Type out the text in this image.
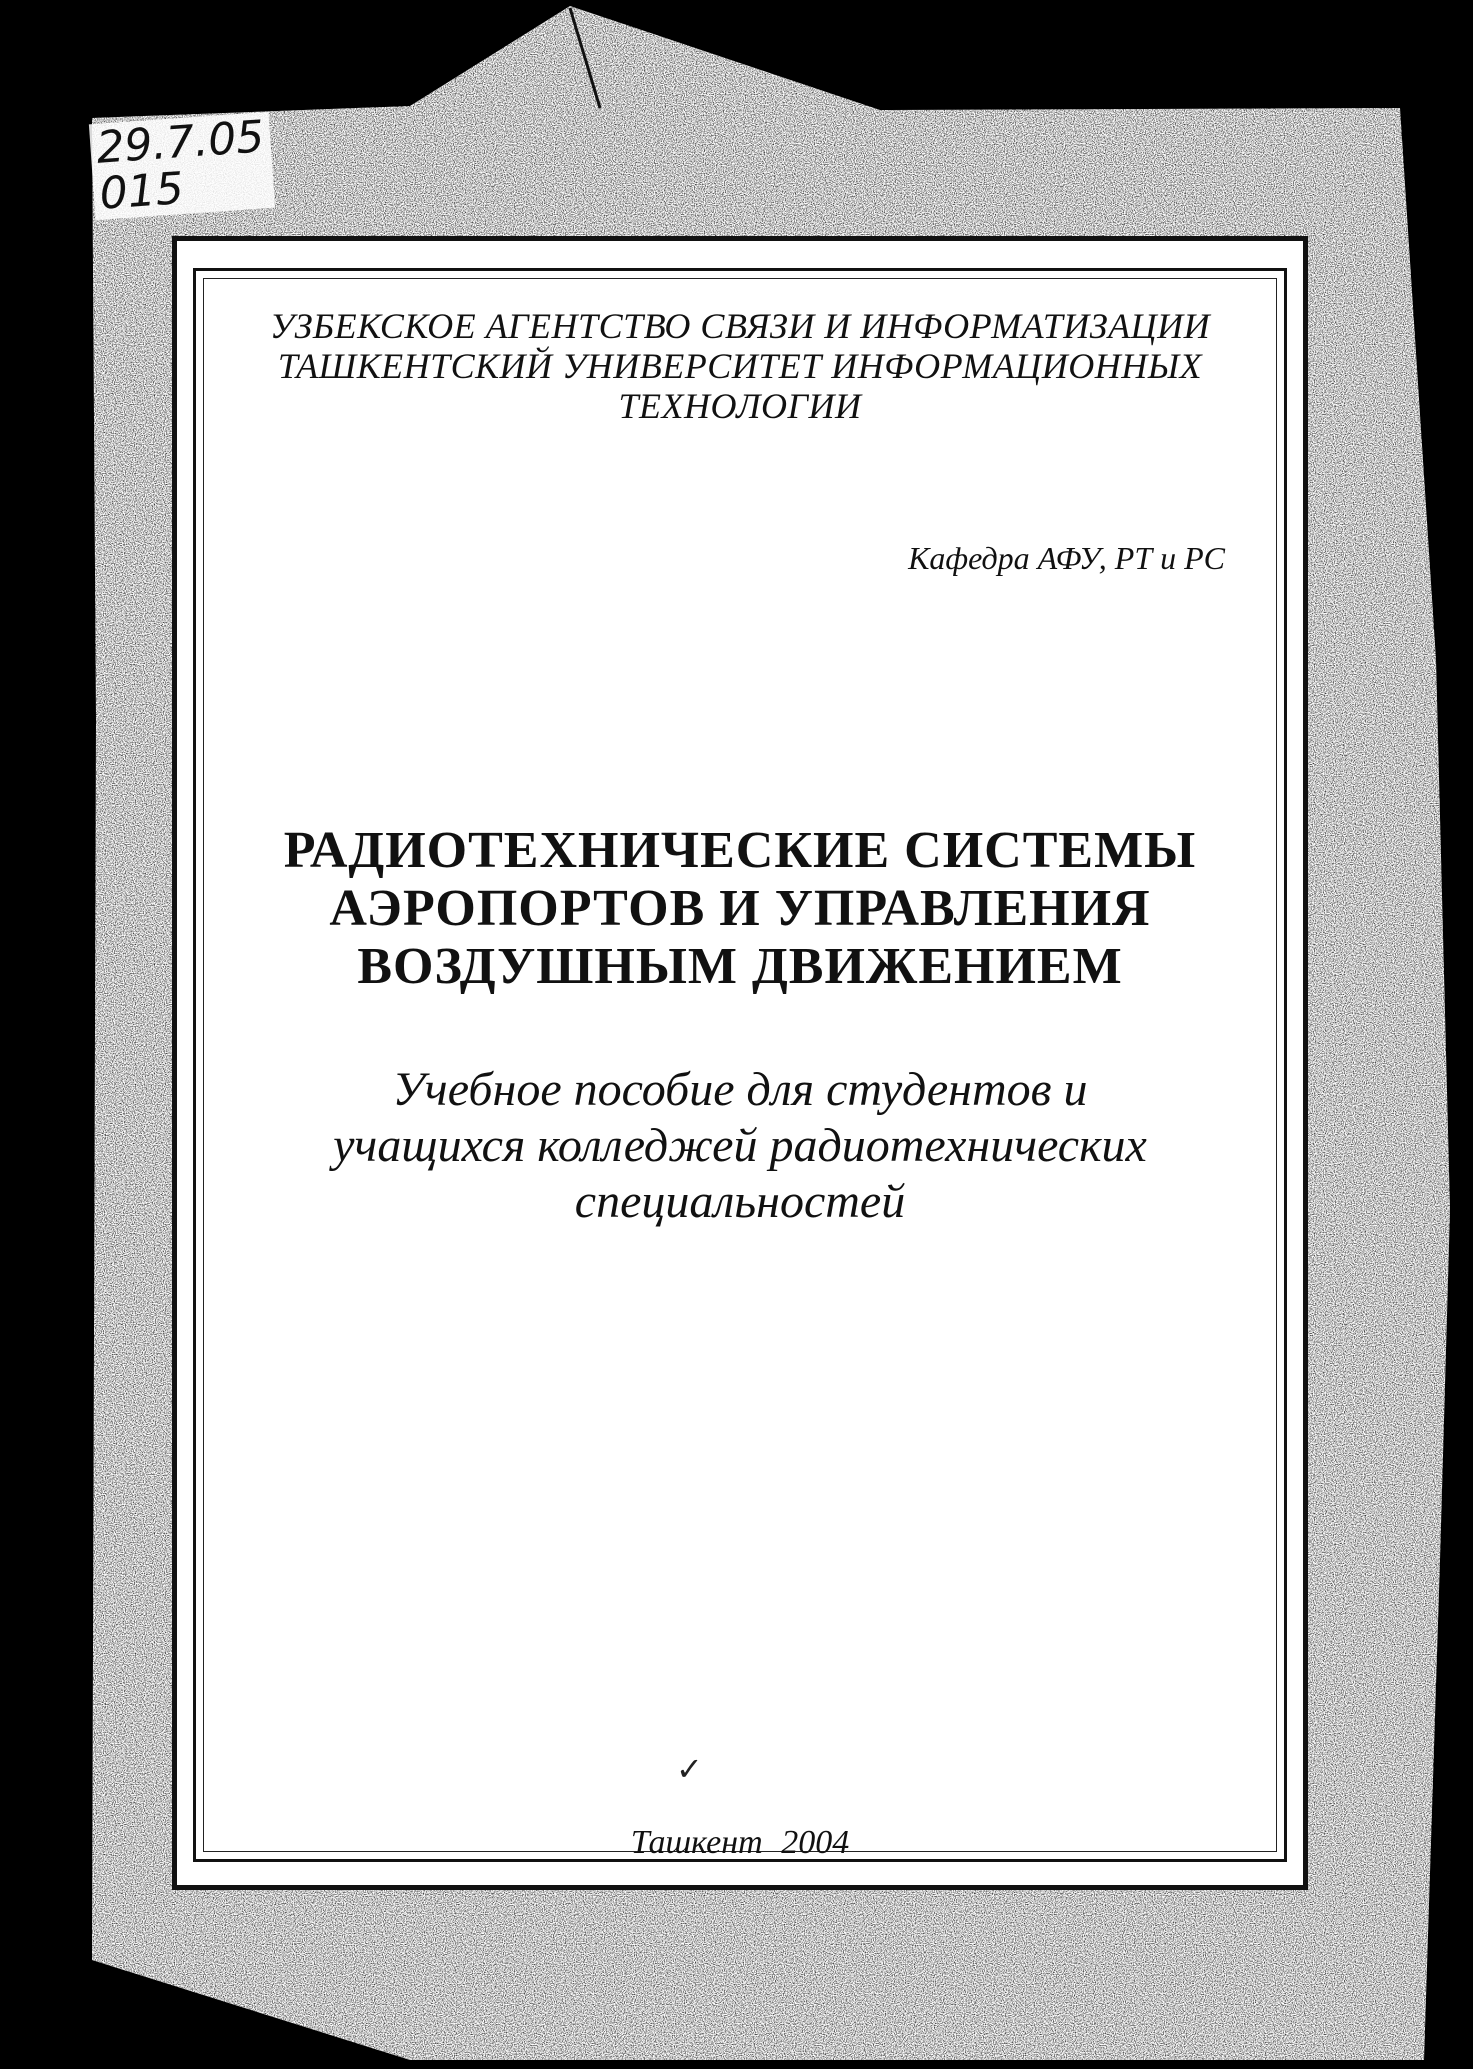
29.7.05
015
УЗБЕКСКОЕ АГЕНТСТВО СВЯЗИ И ИНФОРМАТИЗАЦИИ
ТАШКЕНТСКИЙ УНИВЕРСИТЕТ ИНФОРМАЦИОННЫХ
ТЕХНОЛОГИИ
Кафедра АФУ, РТ и РС
РАДИОТЕХНИЧЕСКИЕ СИСТЕМЫ
АЭРОПОРТОВ И УПРАВЛЕНИЯ
ВОЗДУШНЫМ ДВИЖЕНИЕМ
Учебное пособие для студентов и
учащихся колледжей радиотехнических
специальностей
✓
Ташкент 2004
